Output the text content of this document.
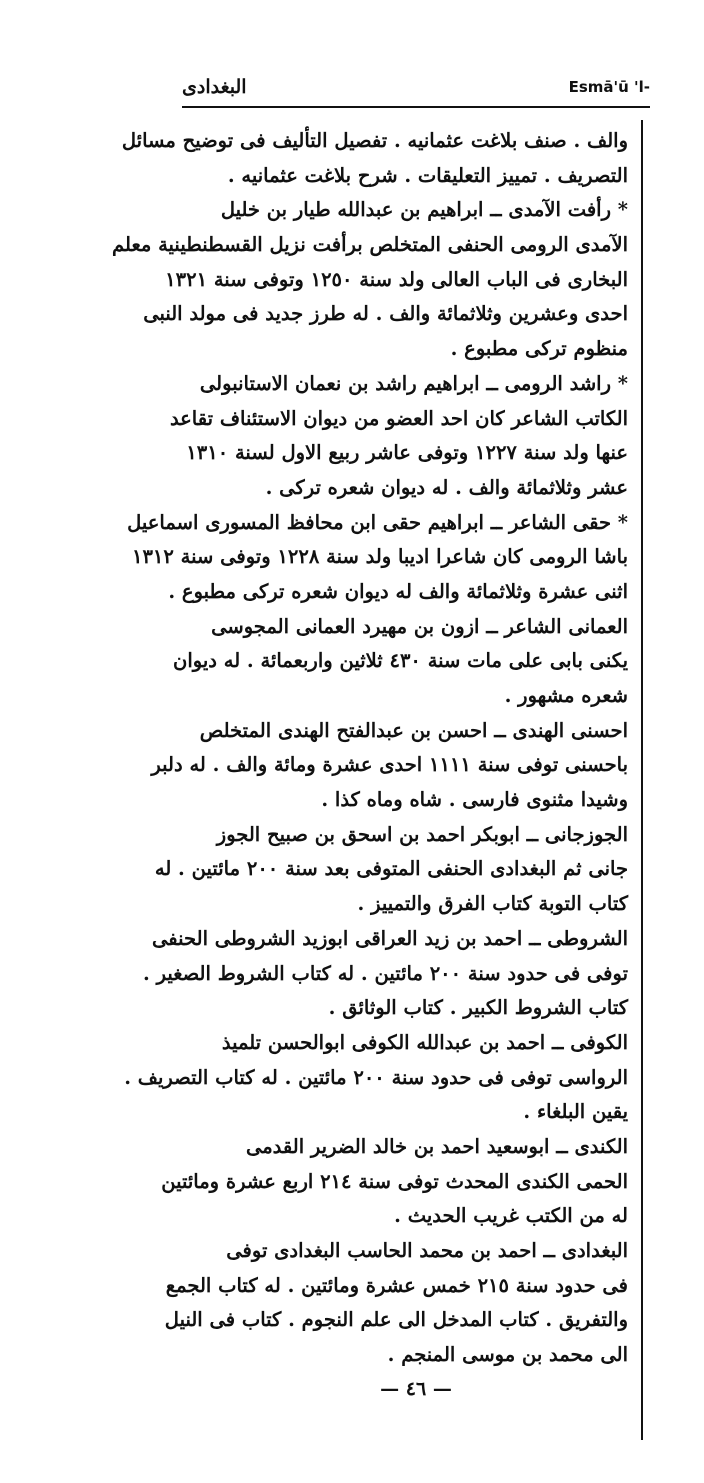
البغدادى	Esmā'ū 'l-
والف . صنف بلاغت عثمانيه . تفصيل التأليف فى توضيح مسائل
التصريف . تمييز التعليقات . شرح بلاغت عثمانيه .
* رأفت الآمدى ــ ابراهيم بن عبدالله طيار بن خليل
الآمدى الرومى الحنفى المتخلص برأفت نزيل القسطنطينية معلم
البخارى فى الباب العالى ولد سنة ١٢٥٠ وتوفى سنة ١٣٢١
احدى وعشرين وثلاثمائة والف . له طرز جديد فى مولد النبى
منظوم تركى مطبوع .
* راشد الرومى ــ ابراهيم راشد بن نعمان الاستانبولى
الكاتب الشاعر كان احد العضو من ديوان الاستئناف تقاعد
عنها ولد سنة ١٢٢٧ وتوفى عاشر ربيع الاول لسنة ١٣١٠
عشر وثلاثمائة والف . له ديوان شعره تركى .
* حقى الشاعر ــ ابراهيم حقى ابن محافظ المسورى اسماعيل
باشا الرومى كان شاعرا اديبا ولد سنة ١٢٢٨ وتوفى سنة ١٣١٢
اثنى عشرة وثلاثمائة والف له ديوان شعره تركى مطبوع .
العمانى الشاعر ــ ازون بن مهيرد العمانى المجوسى
يكنى بابى على مات سنة ٤٣٠ ثلاثين واربعمائة . له ديوان
شعره مشهور .
احسنى الهندى ــ احسن بن عبدالفتح الهندى المتخلص
باحسنى توفى سنة ١١١١ احدى عشرة ومائة والف . له دلبر
وشيدا مثنوى فارسى . شاه وماه كذا .
الجوزجانى ــ ابوبكر احمد بن اسحق بن صبيح الجوز
جانى ثم البغدادى الحنفى المتوفى بعد سنة ٢٠٠ مائتين . له
كتاب التوبة كتاب الفرق والتمييز .
الشروطى ــ احمد بن زيد العراقى ابوزيد الشروطى الحنفى
توفى فى حدود سنة ٢٠٠ مائتين . له كتاب الشروط الصغير .
كتاب الشروط الكبير . كتاب الوثائق .
الكوفى ــ احمد بن عبدالله الكوفى ابوالحسن تلميذ
الرواسى توفى فى حدود سنة ٢٠٠ مائتين . له كتاب التصريف .
يقين البلغاء .
الكندى ــ ابوسعيد احمد بن خالد الضرير القدمى
الحمى الكندى المحدث توفى سنة ٢١٤ اربع عشرة ومائتين
له من الكتب غريب الحديث .
البغدادى ــ احمد بن محمد الحاسب البغدادى توفى
فى حدود سنة ٢١٥ خمس عشرة ومائتين . له كتاب الجمع
والتفريق . كتاب المدخل الى علم النجوم . كتاب فى النيل
الى محمد بن موسى المنجم .
— ٤٦ —
